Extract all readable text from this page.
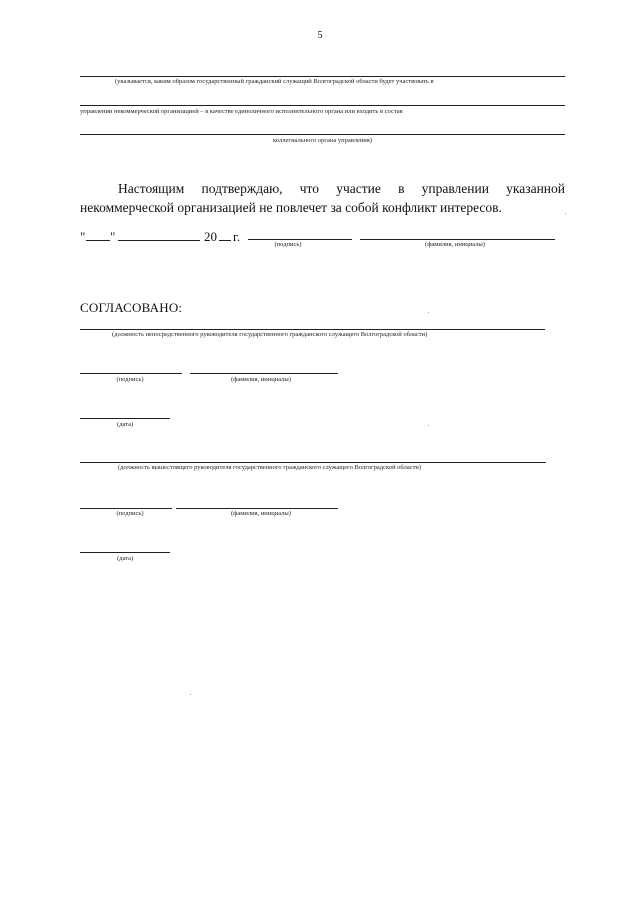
5
(указывается, каким образом государственный гражданский служащий Волгоградской области будет участвовать в
управлении некоммерческой организацией – в качестве единоличного исполнительного органа или входить в состав
коллегиального органа управления)
Настоящим подтверждаю, что участие в управлении указанной некоммерческой организацией не повлечет за собой конфликт интересов.
" "	20 г.
(подпись)	(фамилия, инициалы)
СОГЛАСОВАНО:
(должность непосредственного руководителя государственного гражданского служащего Волгоградской области)
(подпись)	(фамилия, инициалы)
(дата)
(должность вышестоящего руководителя государственного гражданского служащего Волгоградской области)
(подпись)	(фамилия, инициалы)
(дата)
